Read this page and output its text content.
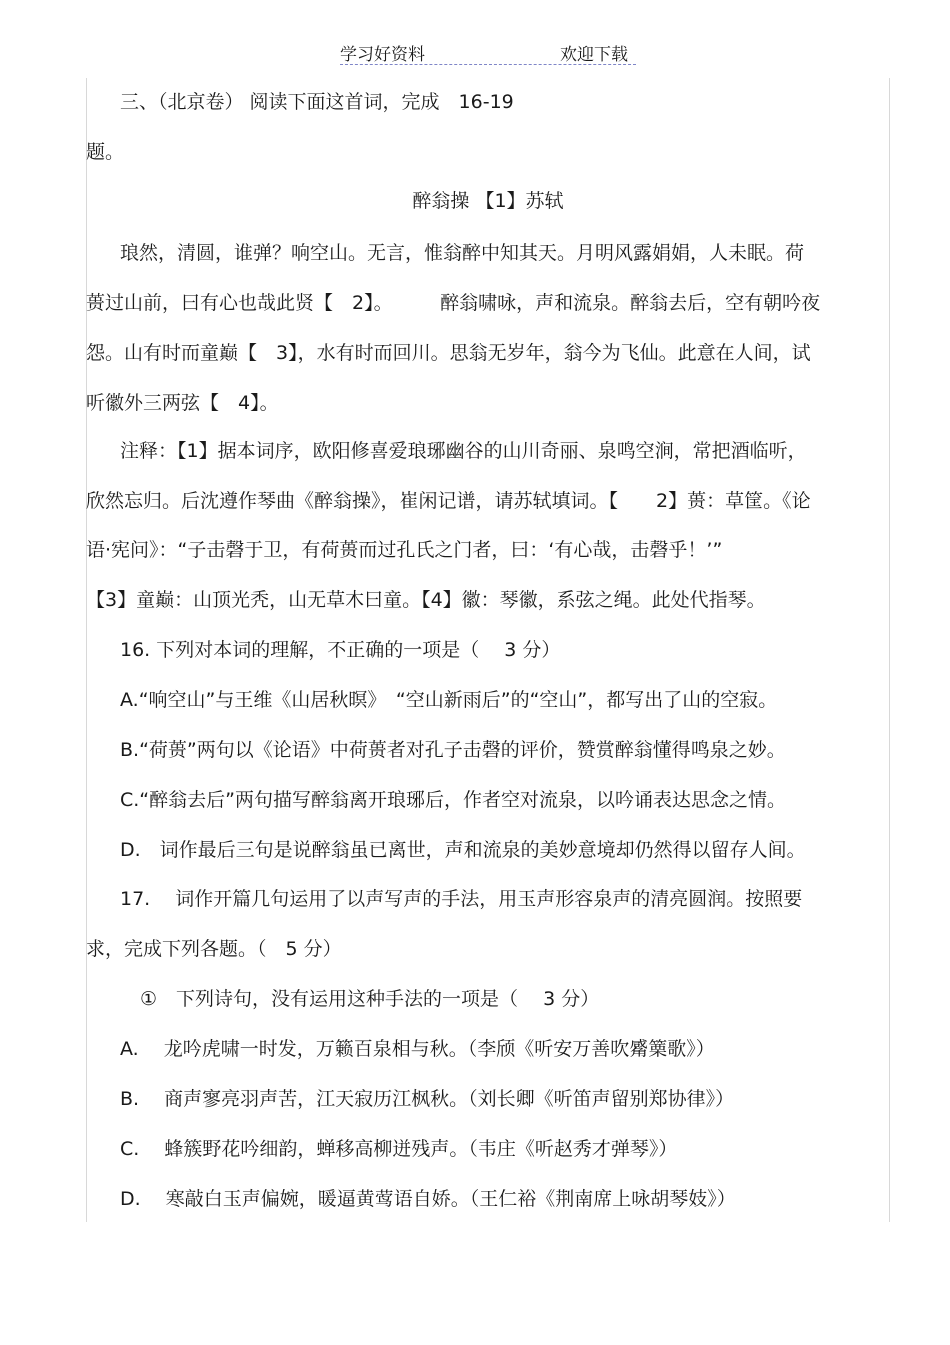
学习好资料	欢迎下载
三、（北京卷） 阅读下面这首词，完成　16-19
题。
醉翁操 【1】苏轼
琅然，清圆，谁弹？响空山。无言，惟翁醉中知其天。月明风露娟娟，人未眠。荷
蒉过山前，曰有心也哉此贤【　2】。　　　醉翁啸咏，声和流泉。醉翁去后，空有朝吟夜
怨。山有时而童巅【　3】，水有时而回川。思翁无岁年，翁今为飞仙。此意在人间，试
听徽外三两弦【　4】。
注释：【1】据本词序，欧阳修喜爱琅琊幽谷的山川奇丽、泉鸣空涧，常把酒临听，
欣然忘归。后沈遵作琴曲《醉翁操》，崔闲记谱，请苏轼填词。【　　2】蒉：草筐。《论
语·宪问》：“子击磬于卫，有荷蒉而过孔氏之门者，曰：‘有心哉，击磬乎！’”
【3】童巅：山顶光秃，山无草木曰童。【4】徽：琴徽，系弦之绳。此处代指琴。
16. 下列对本词的理解，不正确的一项是（　 3 分）
A.“响空山”与王维《山居秋暝》　“空山新雨后”的“空山”，都写出了山的空寂。
B.“荷蒉”两句以《论语》中荷蒉者对孔子击磬的评价，赞赏醉翁懂得鸣泉之妙。
C.“醉翁去后”两句描写醉翁离开琅琊后，作者空对流泉，以吟诵表达思念之情。
D.　词作最后三句是说醉翁虽已离世，声和流泉的美妙意境却仍然得以留存人间。
17.　 词作开篇几句运用了以声写声的手法，用玉声形容泉声的清亮圆润。按照要
求，完成下列各题。（　5 分）
①　下列诗句，没有运用这种手法的一项是（　 3 分）
A.　 龙吟虎啸一时发，万籁百泉相与秋。（李颀《听安万善吹觱篥歌》）
B.　 商声寥亮羽声苦，江天寂历江枫秋。（刘长卿《听笛声留别郑协律》）
C.　 蜂簇野花吟细韵，蝉移高柳迸残声。（韦庄《听赵秀才弹琴》）
D.　 寒敲白玉声偏婉，暖逼黄莺语自娇。（王仁裕《荆南席上咏胡琴妓》）
